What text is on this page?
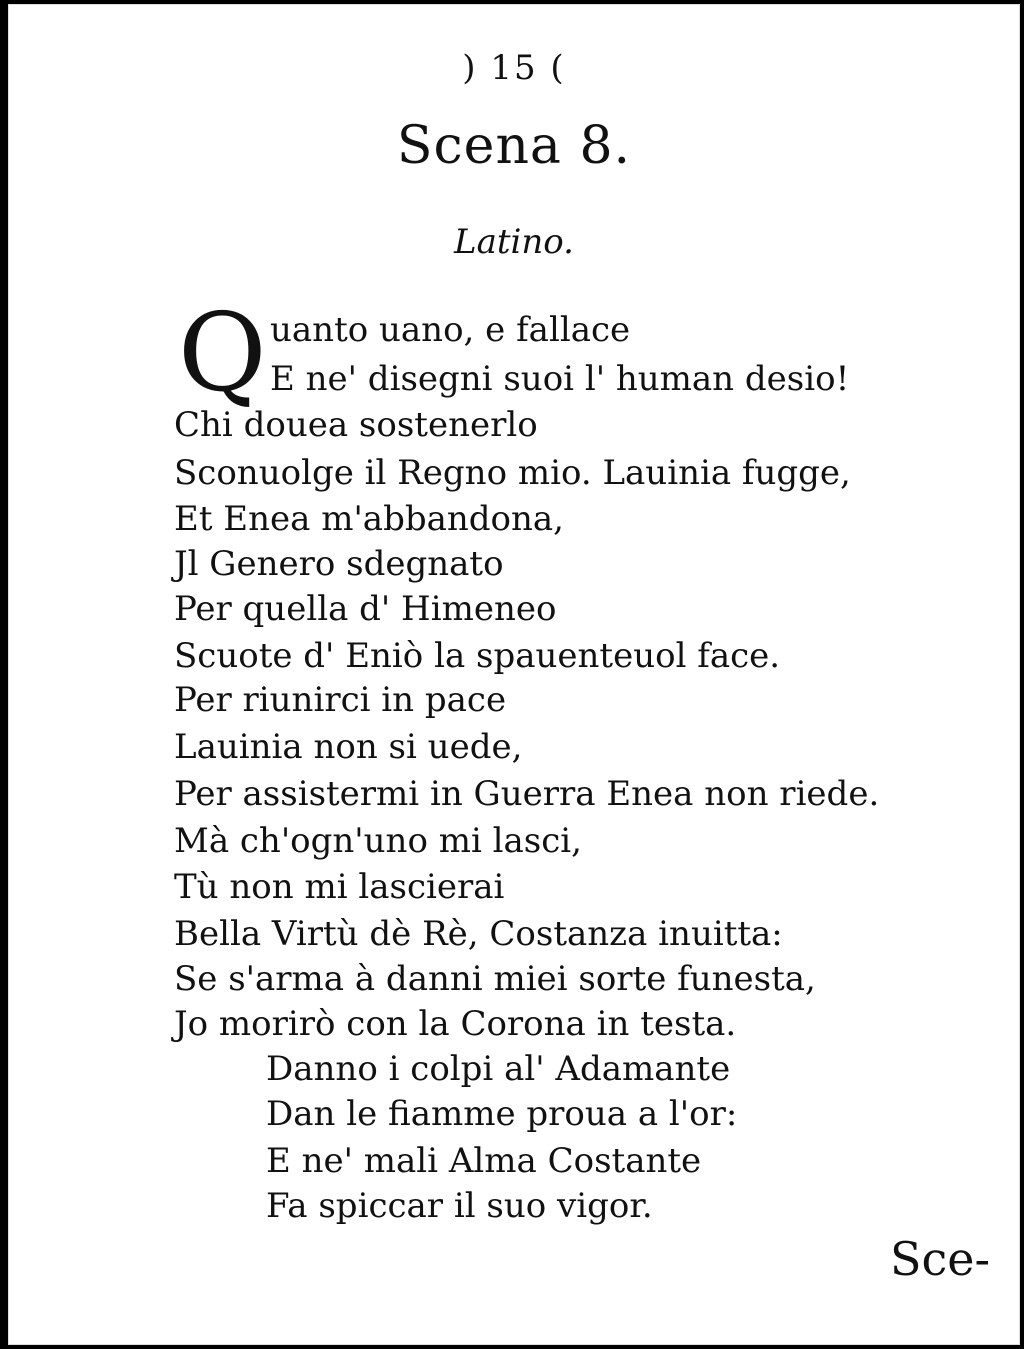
) 15 (
Scena 8.
Latino.
Q uanto uano, e fallace
E ne' disegni suoi l' human desio!
Chi douea sostenerlo
Sconuolge il Regno mio. Lauinia fugge,
Et Enea m'abbandona,
Jl Genero sdegnato
Per quella d' Himeneo
Scuote d' Eniò la spauenteuol face.
Per riunirci in pace
Lauinia non si uede,
Per assistermi in Guerra Enea non riede.
Mà ch'ogn'uno mi lasci,
Tù non mi lascierai
Bella Virtù dè Rè, Costanza inuitta:
Se s'arma à danni miei sorte funesta,
Jo morirò con la Corona in testa.
Danno i colpi al' Adamante
Dan le fiamme proua a l'or:
E ne' mali Alma Costante
Fa spiccar il suo vigor.
Sce-
